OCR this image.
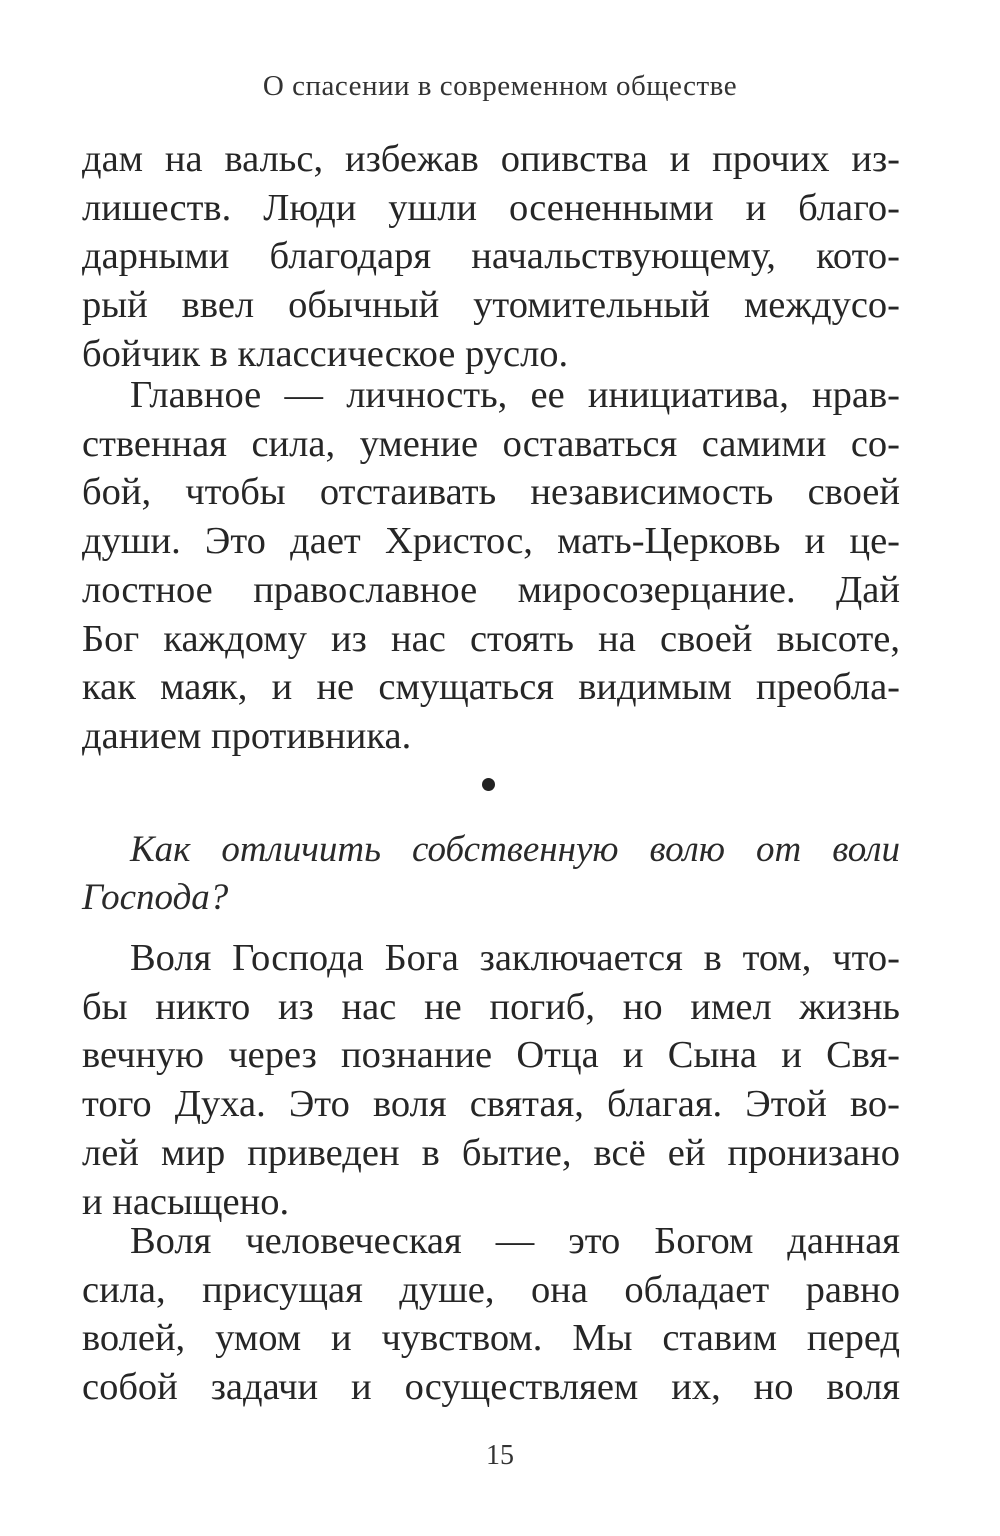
О спасении в современном обществе
дам на вальс, избежав опивства и прочих из-
лишеств. Люди ушли осененными и благо-
дарными благодаря начальствующему, кото-
рый ввел обычный утомительный междусо-
бойчик в классическое русло.
Главное — личность, ее инициатива, нрав-
ственная сила, умение оставаться самими со-
бой, чтобы отстаивать независимость своей
души. Это дает Христос, мать-Церковь и це-
лостное православное миросозерцание. Дай
Бог каждому из нас стоять на своей высоте,
как маяк, и не смущаться видимым преобла-
данием противника.
Как отличить собственную волю от воли
Господа?
Воля Господа Бога заключается в том, что-
бы никто из нас не погиб, но имел жизнь
вечную через познание Отца и Сына и Свя-
того Духа. Это воля святая, благая. Этой во-
лей мир приведен в бытие, всё ей пронизано
и насыщено.
Воля человеческая — это Богом данная
сила, присущая душе, она обладает равно
волей, умом и чувством. Мы ставим перед
собой задачи и осуществляем их, но воля
15
